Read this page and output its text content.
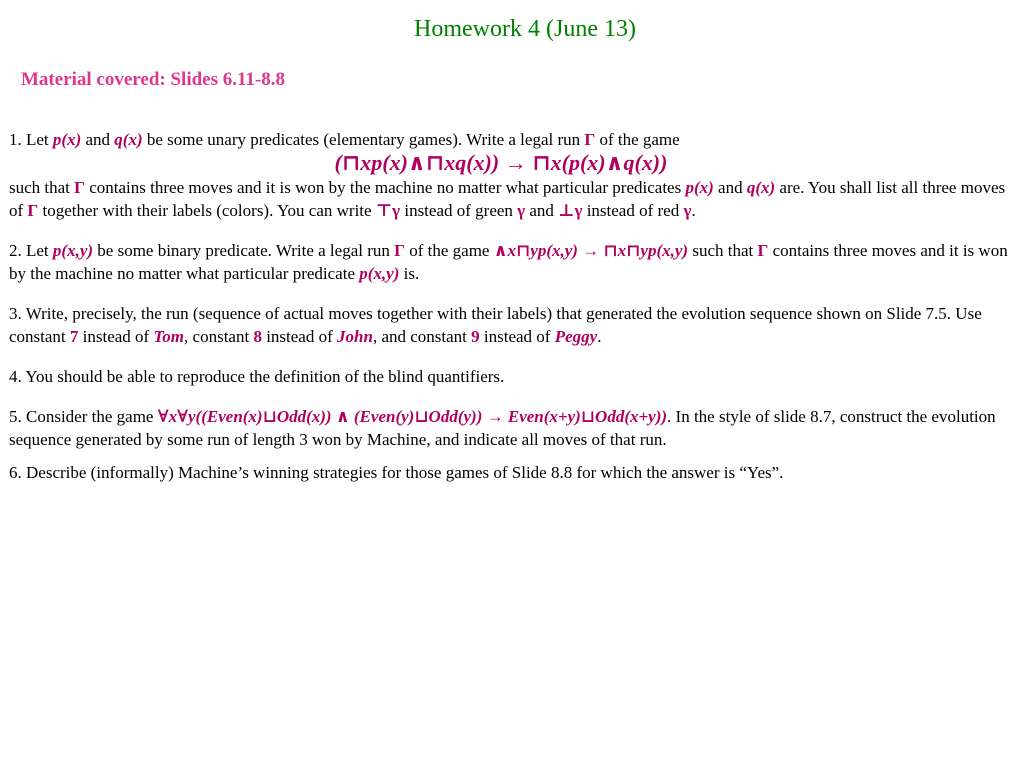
Homework 4 (June 13)
Material covered: Slides 6.11-8.8
1. Let p(x) and q(x) be some unary predicates (elementary games). Write a legal run Γ of the game
(⊓xp(x)∧⊓xq(x)) → ⊓x(p(x)∧q(x))
such that Γ contains three moves and it is won by the machine no matter what particular predicates p(x) and q(x) are. You shall list all three moves of Γ together with their labels (colors). You can write ⊤γ instead of green γ and ⊥γ instead of red γ.
2. Let p(x,y) be some binary predicate. Write a legal run Γ of the game ∧x⊓yp(x,y) → ⊓x⊓yp(x,y) such that Γ contains three moves and it is won by the machine no matter what particular predicate p(x,y) is.
3. Write, precisely, the run (sequence of actual moves together with their labels) that generated the evolution sequence shown on Slide 7.5. Use constant 7 instead of Tom, constant 8 instead of John, and constant 9 instead of Peggy.
4. You should be able to reproduce the definition of the blind quantifiers.
5. Consider the game ∀x∀y((Even(x)⊔Odd(x)) ∧ (Even(y)⊔Odd(y)) → Even(x+y)⊔Odd(x+y)). In the style of slide 8.7, construct the evolution sequence generated by some run of length 3 won by Machine, and indicate all moves of that run.
6. Describe (informally) Machine’s winning strategies for those games of Slide 8.8 for which the answer is “Yes”.
